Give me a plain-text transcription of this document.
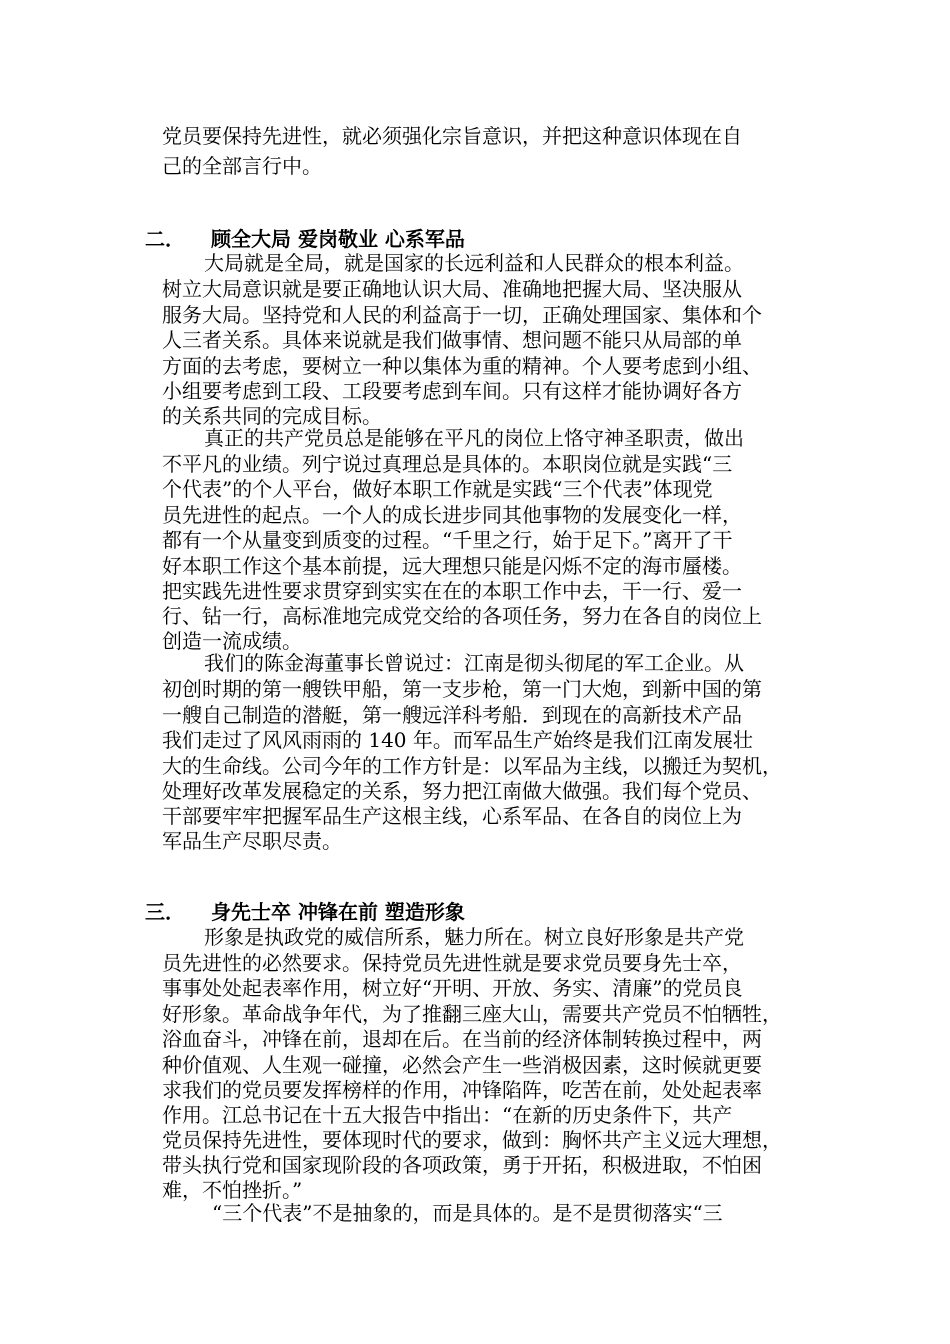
党员要保持先进性，就必须强化宗旨意识，并把这种意识体现在自

己的全部言行中。

二． 顾全大局 爱岗敬业 心系军品

大局就是全局，就是国家的长远利益和人民群众的根本利益。

树立大局意识就是要正确地认识大局、准确地把握大局、坚决服从

服务大局。坚持党和人民的利益高于一切，正确处理国家、集体和个

人三者关系。具体来说就是我们做事情、想问题不能只从局部的单

方面的去考虑，要树立一种以集体为重的精神。个人要考虑到小组、

小组要考虑到工段、工段要考虑到车间。只有这样才能协调好各方

的关系共同的完成目标。

真正的共产党员总是能够在平凡的岗位上恪守神圣职责，做出

不平凡的业绩。列宁说过真理总是具体的。本职岗位就是实践“三

个代表”的个人平台，做好本职工作就是实践“三个代表”体现党

员先进性的起点。一个人的成长进步同其他事物的发展变化一样，

都有一个从量变到质变的过程。“千里之行，始于足下。”离开了干

好本职工作这个基本前提，远大理想只能是闪烁不定的海市蜃楼。

把实践先进性要求贯穿到实实在在的本职工作中去，干一行、爱一

行、钻一行，高标准地完成党交给的各项任务，努力在各自的岗位上

创造一流成绩。

我们的陈金海董事长曾说过：江南是彻头彻尾的军工企业。从

初创时期的第一艘铁甲船，第一支步枪，第一门大炮，到新中国的第

一艘自己制造的潜艇，第一艘远洋科考船．到现在的高新技术产品

我们走过了风风雨雨的 140 年。而军品生产始终是我们江南发展壮

大的生命线。公司今年的工作方针是：以军品为主线，以搬迁为契机，

处理好改革发展稳定的关系，努力把江南做大做强。我们每个党员、

干部要牢牢把握军品生产这根主线，心系军品、在各自的岗位上为

军品生产尽职尽责。

三． 身先士卒 冲锋在前 塑造形象

形象是执政党的威信所系，魅力所在。树立良好形象是共产党

员先进性的必然要求。保持党员先进性就是要求党员要身先士卒，

事事处处起表率作用，树立好“开明、开放、务实、清廉”的党员良

好形象。革命战争年代，为了推翻三座大山，需要共产党员不怕牺牲，

浴血奋斗，冲锋在前，退却在后。在当前的经济体制转换过程中，两

种价值观、人生观一碰撞，必然会产生一些消极因素，这时候就更要

求我们的党员要发挥榜样的作用，冲锋陷阵，吃苦在前，处处起表率

作用。江总书记在十五大报告中指出：“在新的历史条件下，共产

党员保持先进性，要体现时代的要求，做到：胸怀共产主义远大理想，

带头执行党和国家现阶段的各项政策，勇于开拓，积极进取，不怕困

难，不怕挫折。”

“三个代表”不是抽象的，而是具体的。是不是贯彻落实“三
